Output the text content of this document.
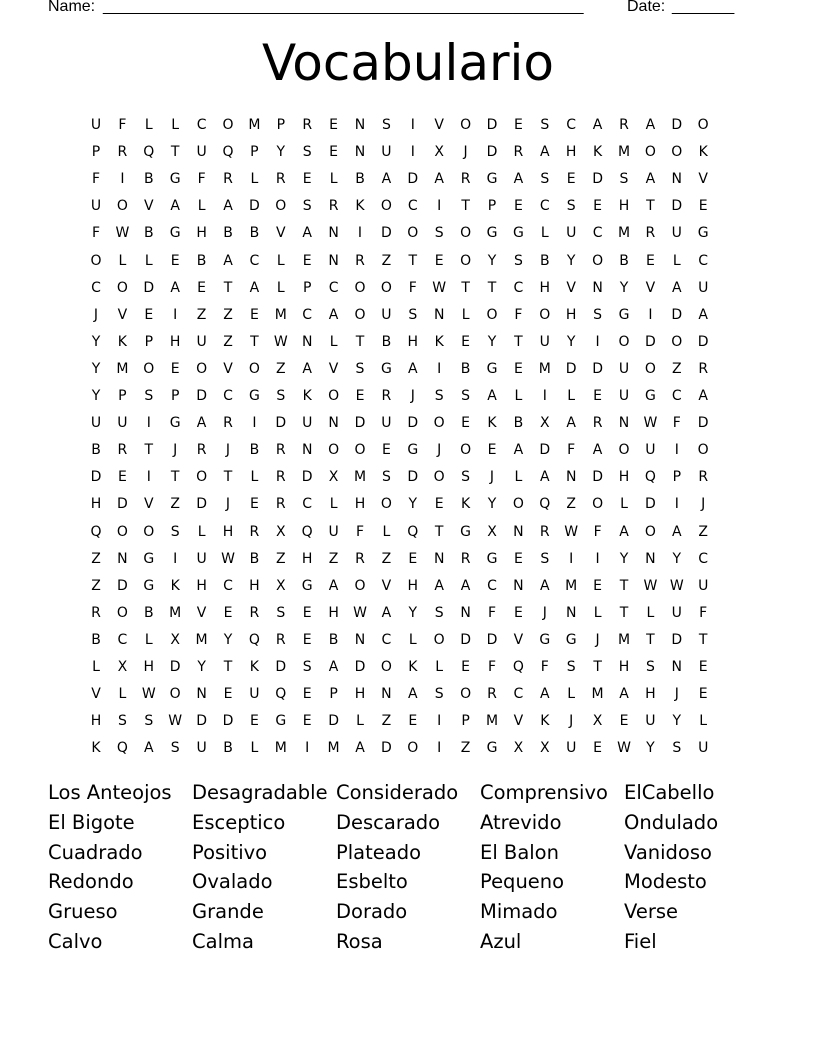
Name: ______________________________________________________	Date: _______
Vocabulario
U	F	L	L	C	O	M	P	R	E	N	S	I	V	O	D	E	S	C	A	R	A	D	O
P	R	Q	T	U	Q	P	Y	S	E	N	U	I	X	J	D	R	A	H	K	M	O	O	K
F	I	B	G	F	R	L	R	E	L	B	A	D	A	R	G	A	S	E	D	S	A	N	V
U	O	V	A	L	A	D	O	S	R	K	O	C	I	T	P	E	C	S	E	H	T	D	E
F	W	B	G	H	B	B	V	A	N	I	D	O	S	O	G	G	L	U	C	M	R	U	G
O	L	L	E	B	A	C	L	E	N	R	Z	T	E	O	Y	S	B	Y	O	B	E	L	C
C	O	D	A	E	T	A	L	P	C	O	O	F	W	T	T	C	H	V	N	Y	V	A	U
J	V	E	I	Z	Z	E	M	C	A	O	U	S	N	L	O	F	O	H	S	G	I	D	A
Y	K	P	H	U	Z	T	W	N	L	T	B	H	K	E	Y	T	U	Y	I	O	D	O	D
Y	M	O	E	O	V	O	Z	A	V	S	G	A	I	B	G	E	M	D	D	U	O	Z	R
Y	P	S	P	D	C	G	S	K	O	E	R	J	S	S	A	L	I	L	E	U	G	C	A
U	U	I	G	A	R	I	D	U	N	D	U	D	O	E	K	B	X	A	R	N	W	F	D
B	R	T	J	R	J	B	R	N	O	O	E	G	J	O	E	A	D	F	A	O	U	I	O
D	E	I	T	O	T	L	R	D	X	M	S	D	O	S	J	L	A	N	D	H	Q	P	R
H	D	V	Z	D	J	E	R	C	L	H	O	Y	E	K	Y	O	Q	Z	O	L	D	I	J
Q	O	O	S	L	H	R	X	Q	U	F	L	Q	T	G	X	N	R	W	F	A	O	A	Z
Z	N	G	I	U	W	B	Z	H	Z	R	Z	E	N	R	G	E	S	I	I	Y	N	Y	C
Z	D	G	K	H	C	H	X	G	A	O	V	H	A	A	C	N	A	M	E	T	W W	U
R	O	B	M	V	E	R	S	E	H	W	A	Y	S	N	F	E	J	N	L	T	L	U	F
B	C	L	X	M	Y	Q	R	E	B	N	C	L	O	D	D	V	G	G	J	M	T	D	T
L	X	H	D	Y	T	K	D	S	A	D	O	K	L	E	F	Q	F	S	T	H	S	N	E
V	L	W O	N	E	U	Q	E	P	H	N	A	S	O	R	C	A	L	M	A	H	J	E
H	S	S	W	D	D	E	G	E	D	L	Z	E	I	P	M	V	K	J	X	E	U	Y	L
K	Q	A	S	U	B	L	M	I	M	A	D	O	I	Z	G	X	X	U	E	W	Y	S	U
Los Anteojos
El Bigote
Cuadrado
Redondo
Grueso
Calvo
Desagradable
Esceptico
Positivo
Ovalado
Grande
Calma
Considerado
Descarado
Plateado
Esbelto
Dorado
Rosa
Comprensivo
Atrevido
El Balon
Pequeno
Mimado
Azul
ElCabello
Ondulado
Vanidoso
Modesto
Verse
Fiel
